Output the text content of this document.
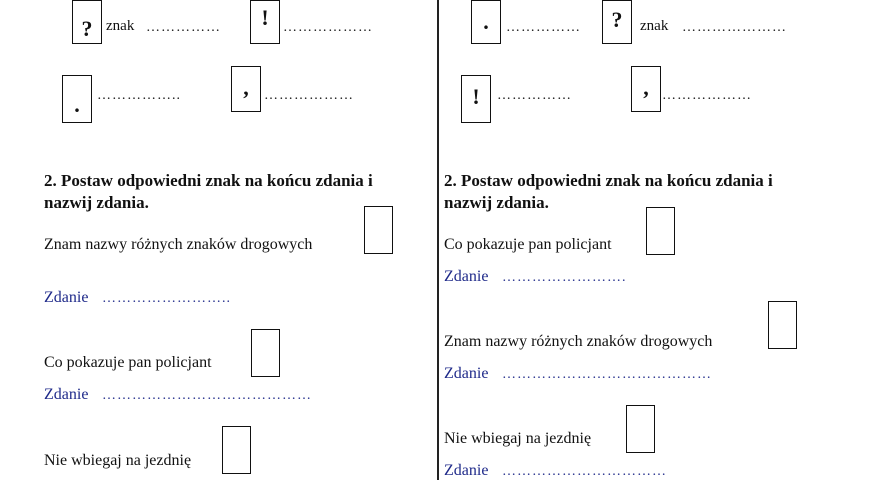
? znak ……………	!	………………
.	……………..	,	………………
2. Postaw odpowiedni znak na końcu zdania i nazwij zdania.
Znam nazwy różnych znaków drogowych
Zdanie ……………………..
Co pokazuje pan policjant
Zdanie ……………………………………
Nie wbiegaj na jezdnię
.	……………	?	znak …………………
!	……………	, ………………
2. Postaw odpowiedni znak na końcu zdania i nazwij zdania.
Co pokazuje pan policjant
Zdanie …………………….
Znam nazwy różnych znaków drogowych
Zdanie ……………………………………
Nie wbiegaj na jezdnię
Zdanie ……………………………
